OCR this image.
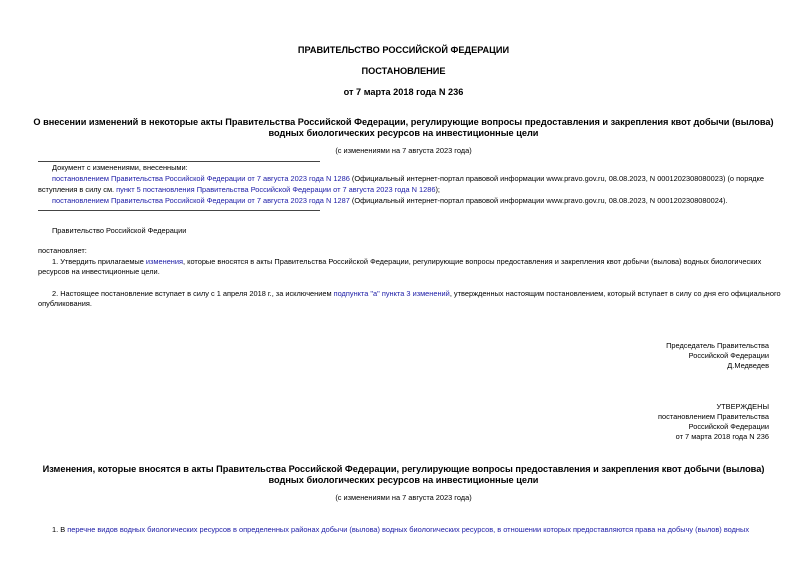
ПРАВИТЕЛЬСТВО РОССИЙСКОЙ ФЕДЕРАЦИИ
ПОСТАНОВЛЕНИЕ
от 7 марта 2018 года N 236
О внесении изменений в некоторые акты Правительства Российской Федерации, регулирующие вопросы предоставления и закрепления квот добычи (вылова)
водных биологических ресурсов на инвестиционные цели
(с изменениями на 7 августа 2023 года)
Документ с изменениями, внесенными:
постановлением Правительства Российской Федерации от 7 августа 2023 года N 1286 (Официальный интернет-портал правовой информации www.pravo.gov.ru, 08.08.2023, N 0001202308080023) (о порядке
вступления в силу см. пункт 5 постановления Правительства Российской Федерации от 7 августа 2023 года N 1286);
постановлением Правительства Российской Федерации от 7 августа 2023 года N 1287 (Официальный интернет-портал правовой информации www.pravo.gov.ru, 08.08.2023, N 0001202308080024).
Правительство Российской Федерации
постановляет:
1. Утвердить прилагаемые изменения, которые вносятся в акты Правительства Российской Федерации, регулирующие вопросы предоставления и закрепления квот добычи (вылова) водных биологических
ресурсов на инвестиционные цели.
2. Настоящее постановление вступает в силу с 1 апреля 2018 г., за исключением подпункта "а" пункта 3 изменений, утвержденных настоящим постановлением, который вступает в силу со дня его официального
опубликования.
Председатель Правительства
Российской Федерации
Д.Медведев
УТВЕРЖДЕНЫ
постановлением Правительства
Российской Федерации
от 7 марта 2018 года N 236
Изменения, которые вносятся в акты Правительства Российской Федерации, регулирующие вопросы предоставления и закрепления квот добычи (вылова)
водных биологических ресурсов на инвестиционные цели
(с изменениями на 7 августа 2023 года)
1. В перечне видов водных биологических ресурсов в определенных районах добычи (вылова) водных биологических ресурсов, в отношении которых предоставляются права на добычу (вылов) водных
